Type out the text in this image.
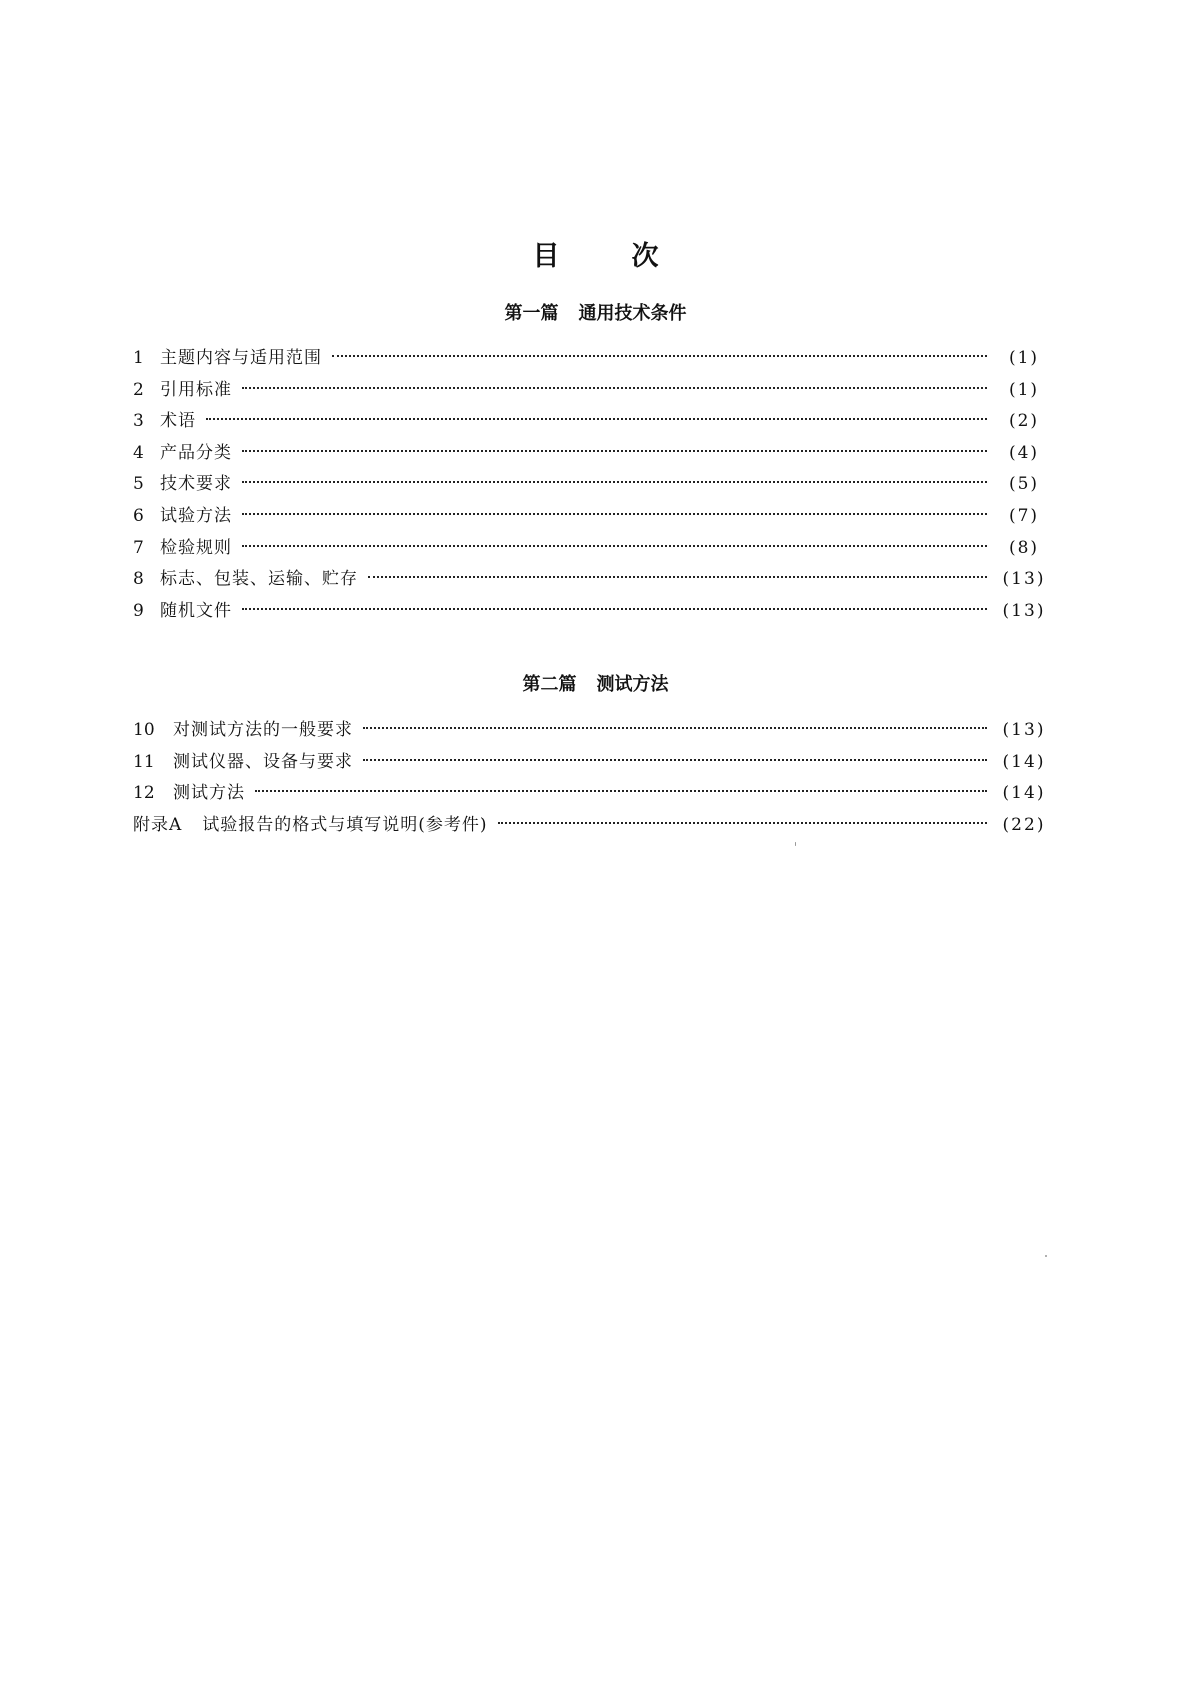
目次
第一篇 通用技术条件
1 主题内容与适用范围	(1)
2 引用标准	(1)
3 术语	(2)
4 产品分类	(4)
5 技术要求	(5)
6 试验方法	(7)
7 检验规则	(8)
8 标志、包装、运输、贮存	(13)
9 随机文件	(13)
第二篇 测试方法
10	对测试方法的一般要求	(13)
11	测试仪器、设备与要求	(14)
12	测试方法	(14)
附录A 试验报告的格式与填写说明(参考件)	(22)
